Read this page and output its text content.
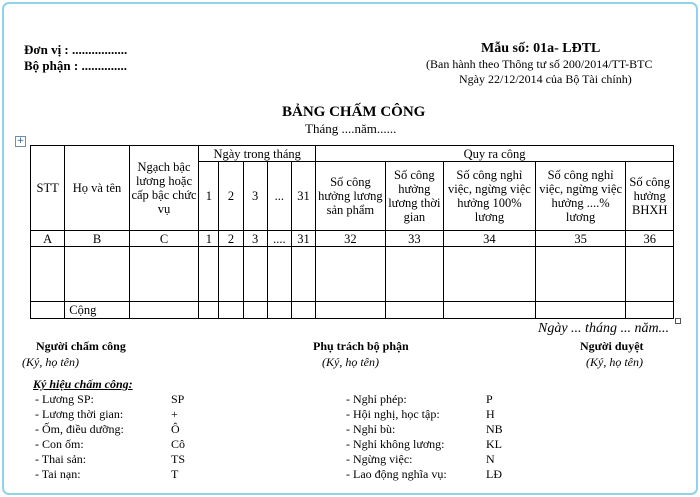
Đơn vị : .................
Bộ phận : ..............
Mẫu số: 01a- LĐTL
(Ban hành theo Thông tư số 200/2014/TT-BTC
Ngày 22/12/2014 của Bộ Tài chính)
BẢNG CHẤM CÔNG
Tháng ....năm......
+
STT	Họ và tên	Ngạch bậc lương hoặc cấp bậc chức vụ	Ngày trong tháng					Quy ra công				
			1	2	3	...	31	Số công hưởng lương sản phẩm	Số công hưởng lương thời gian	Số công nghỉ việc, ngừng việc hưởng 100% lương	Số công nghỉ việc, ngừng việc hưởng ....% lương	Số công hưởng BHXH
A	B	C	1	2	3	....	31	32	33	34	35	36

	Cộng											
Ngày ... tháng ... năm...
Người chấm công
(Ký, họ tên)
Phụ trách bộ phận
(Ký, họ tên)
Người duyệt
(Ký, họ tên)
Ký hiệu chấm công:
- Lương SP:	SP
- Lương thời gian:	+
- Ốm, điều dưỡng:	Ô
- Con ốm:	Cô
- Thai sản:	TS
- Tai nạn:	T
- Nghỉ phép:	P
- Hội nghị, học tập:	H
- Nghỉ bù:	NB
- Nghỉ không lương:	KL
- Ngừng việc:	N
- Lao động nghĩa vụ:	LĐ
